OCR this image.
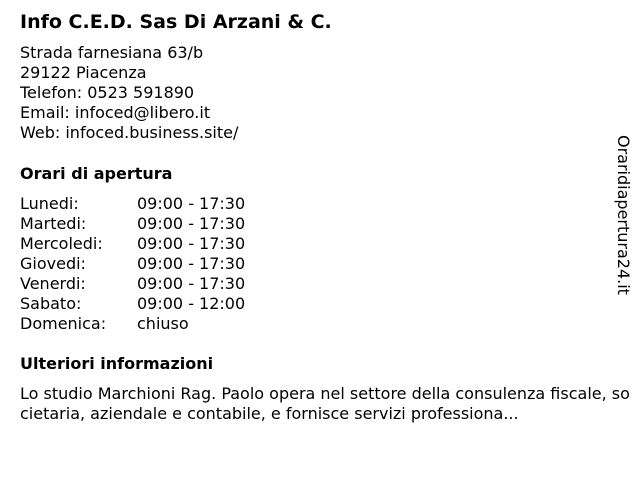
Info C.E.D. Sas Di Arzani & C.
Strada farnesiana 63/b
29122 Piacenza
Telefon: 0523 591890
Email: infoced@libero.it
Web: infoced.business.site/
Orari di apertura
Lunedi:	09:00 - 17:30
Martedi:	09:00 - 17:30
Mercoledi: 09:00 - 17:30
Giovedi:	09:00 - 17:30
Venerdi:	09:00 - 17:30
Sabato:	09:00 - 12:00
Domenica: chiuso
Ulteriori informazioni
Lo studio Marchioni Rag. Paolo opera nel settore della consulenza fiscale, societaria, aziendale e contabile, e fornisce servizi professiona...
Oraridiapertura24.it
